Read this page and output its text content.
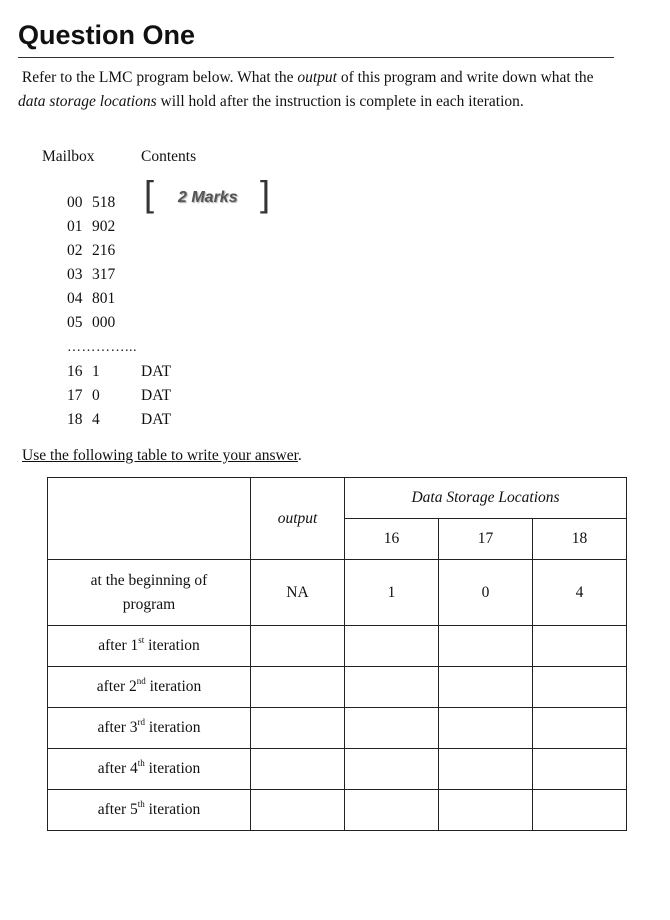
Question One
Refer to the LMC program below. What the output of this program and write down what the data storage locations will hold after the instruction is complete in each iteration.
Mailbox	Contents
[ 2 Marks ]
00 518
01 902
02 216
03 317
04 801
05 000
…………...
16 1	DAT
17 0	DAT
18 4	DAT
Use the following table to write your answer.
	output	Data Storage Locations		
		16	17	18
at the beginning of
program	NA	1	0	4
after 1st iteration				
after 2nd iteration				
after 3rd iteration				
after 4th iteration				
after 5th iteration				
